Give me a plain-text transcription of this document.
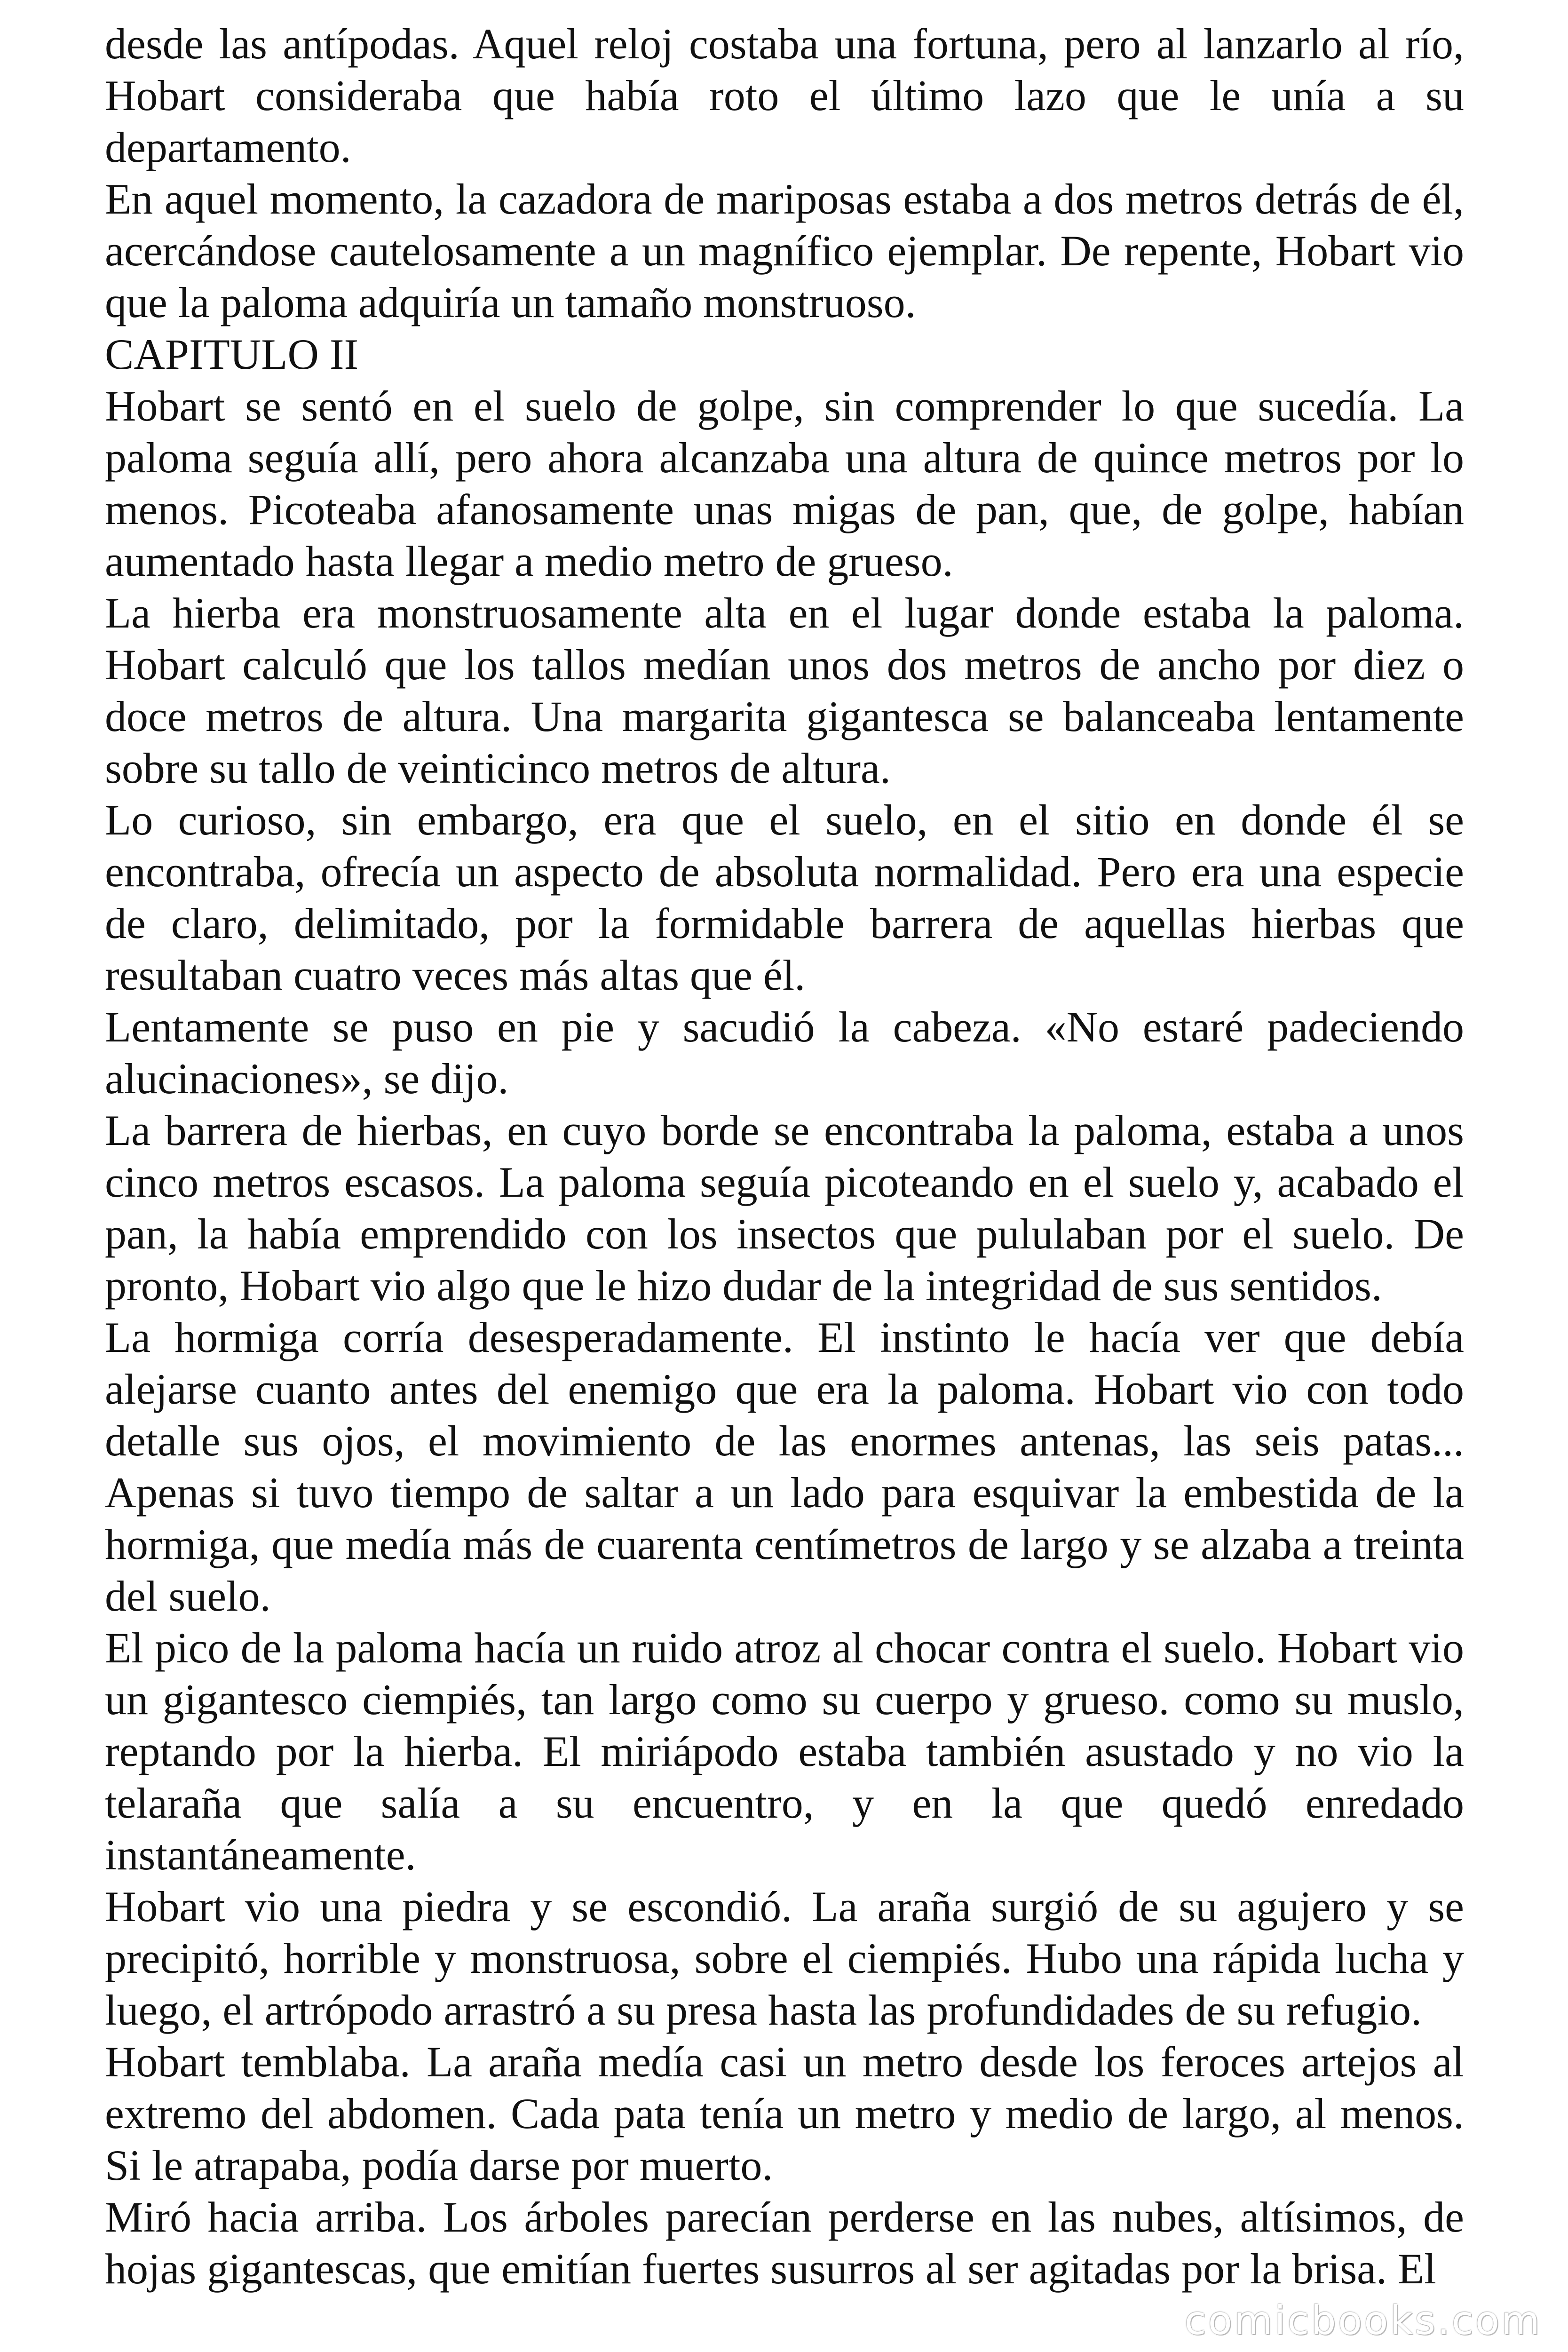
desde las antípodas. Aquel reloj costaba una fortuna, pero al lanzarlo al río, Hobart consideraba que había roto el último lazo que le unía a su departamento.

En aquel momento, la cazadora de mariposas estaba a dos metros detrás de él, acercándose cautelosamente a un magnífico ejemplar. De repente, Hobart vio que la paloma adquiría un tamaño monstruoso.

CAPITULO II

Hobart se sentó en el suelo de golpe, sin comprender lo que sucedía. La paloma seguía allí, pero ahora alcanzaba una altura de quince metros por lo menos. Picoteaba afanosamente unas migas de pan, que, de golpe, habían aumentado hasta llegar a medio metro de grueso.

La hierba era monstruosamente alta en el lugar donde estaba la paloma. Hobart calculó que los tallos medían unos dos metros de ancho por diez o doce metros de altura. Una margarita gigantesca se balanceaba lentamente sobre su tallo de veinticinco metros de altura.

Lo curioso, sin embargo, era que el suelo, en el sitio en donde él se encontraba, ofrecía un aspecto de absoluta normalidad. Pero era una especie de claro, delimitado, por la formidable barrera de aquellas hierbas que resultaban cuatro veces más altas que él.

Lentamente se puso en pie y sacudió la cabeza. «No estaré padeciendo alucinaciones», se dijo.

La barrera de hierbas, en cuyo borde se encontraba la paloma, estaba a unos cinco metros escasos. La paloma seguía picoteando en el suelo y, acabado el pan, la había emprendido con los insectos que pululaban por el suelo. De pronto, Hobart vio algo que le hizo dudar de la integridad de sus sentidos.

La hormiga corría desesperadamente. El instinto le hacía ver que debía alejarse cuanto antes del enemigo que era la paloma. Hobart vio con todo detalle sus ojos, el movimiento de las enormes antenas, las seis patas... Apenas si tuvo tiempo de saltar a un lado para esquivar la embestida de la hormiga, que medía más de cuarenta centímetros de largo y se alzaba a treinta del suelo.

El pico de la paloma hacía un ruido atroz al chocar contra el suelo. Hobart vio un gigantesco ciempiés, tan largo como su cuerpo y grueso. como su muslo, reptando por la hierba. El miriápodo estaba también asustado y no vio la telaraña que salía a su encuentro, y en la que quedó enredado instantáneamente.

Hobart vio una piedra y se escondió. La araña surgió de su agujero y se precipitó, horrible y monstruosa, sobre el ciempiés. Hubo una rápida lucha y luego, el artrópodo arrastró a su presa hasta las profundidades de su refugio.

Hobart temblaba. La araña medía casi un metro desde los feroces artejos al extremo del abdomen. Cada pata tenía un metro y medio de largo, al menos. Si le atrapaba, podía darse por muerto.

Miró hacia arriba. Los árboles parecían perderse en las nubes, altísimos, de hojas gigantescas, que emitían fuertes susurros al ser agitadas por la brisa. El

comicbooks.com
